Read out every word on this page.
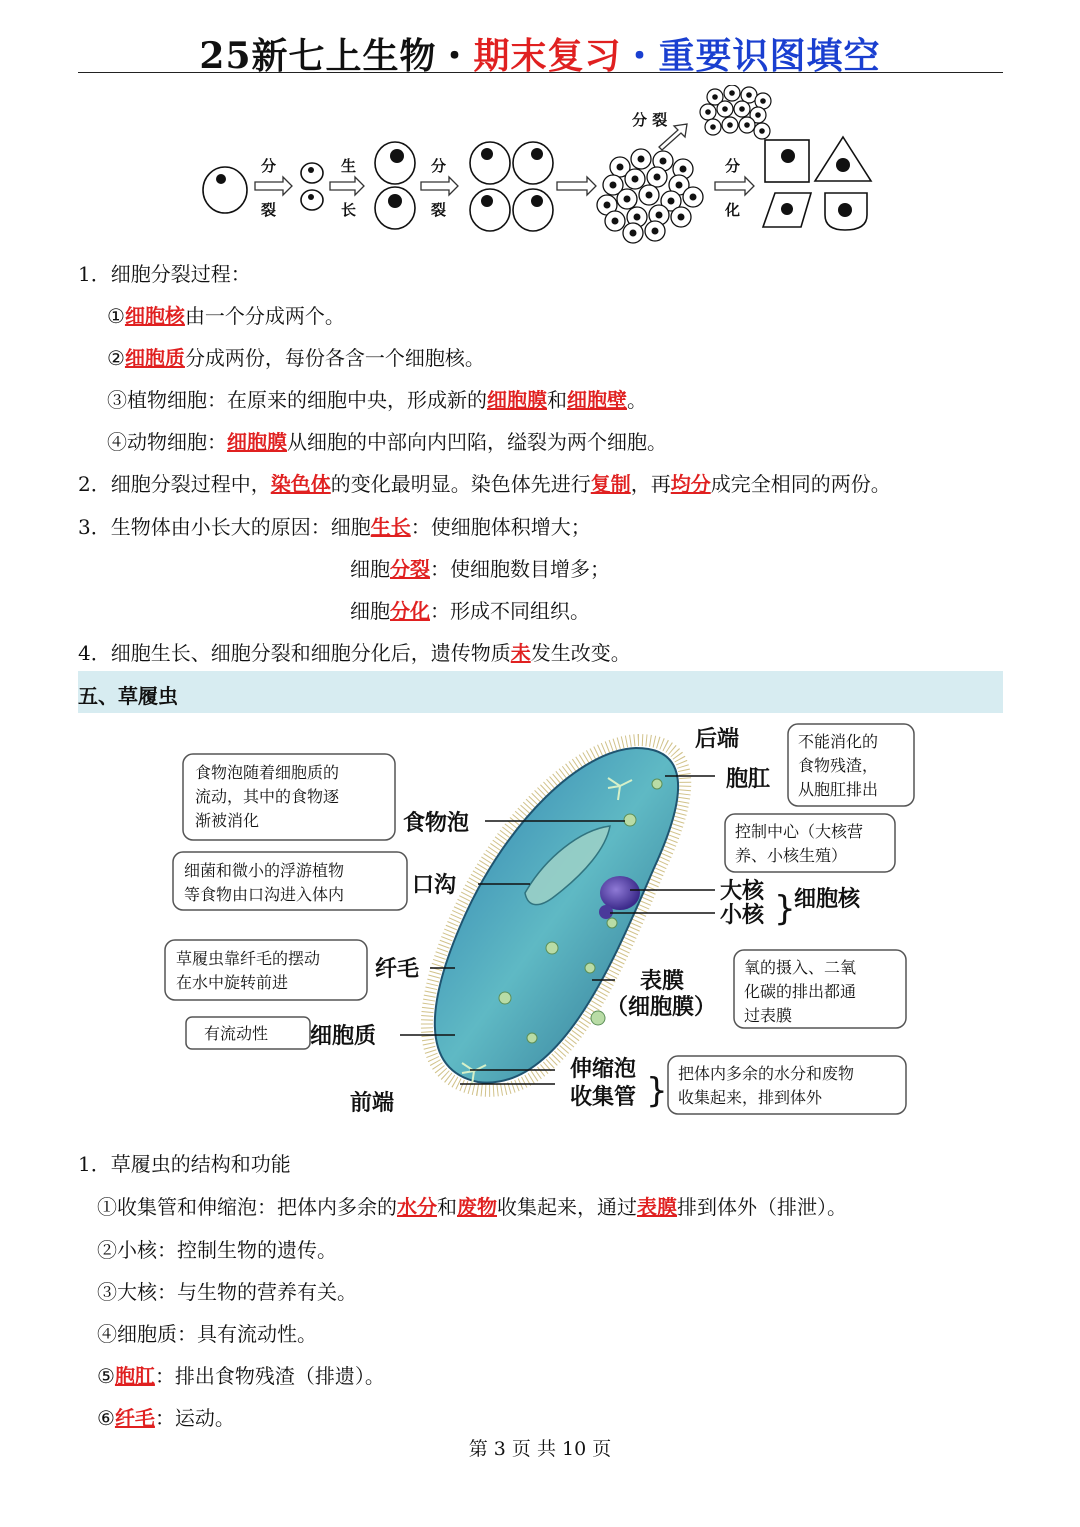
25新七上生物・期末复习・重要识图填空
分
裂
生
长
分
裂
分
化
分 裂
1．细胞分裂过程：
①细胞核由一个分成两个。
②细胞质分成两份，每份各含一个细胞核。
③植物细胞：在原来的细胞中央，形成新的细胞膜和细胞壁。
④动物细胞：细胞膜从细胞的中部向内凹陷，缢裂为两个细胞。
2．细胞分裂过程中，染色体的变化最明显。染色体先进行复制，再均分成完全相同的两份。
3．生物体由小长大的原因：细胞生长：使细胞体积增大；
细胞分裂：使细胞数目增多；
细胞分化：形成不同组织。
4．细胞生长、细胞分裂和细胞分化后，遗传物质未发生改变。
五、草履虫
后端
胞肛
食物泡
口沟	大核
小核 }
细胞核
纤毛	表膜
（细胞膜）
细胞质
伸缩泡
收集管 }
前端
食物泡随着细胞质的
流动，其中的食物逐
渐被消化
细菌和微小的浮游植物
等食物由口沟进入体内
草履虫靠纤毛的摆动
在水中旋转前进
有流动性
不能消化的
食物残渣，
从胞肛排出
控制中心（大核营
养、小核生殖）
氧的摄入、二氧
化碳的排出都通
过表膜
把体内多余的水分和废物
收集起来，排到体外
1．草履虫的结构和功能
①收集管和伸缩泡：把体内多余的水分和废物收集起来，通过表膜排到体外（排泄）。
②小核：控制生物的遗传。
③大核：与生物的营养有关。
④细胞质：具有流动性。
⑤胞肛：排出食物残渣（排遗）。
⑥纤毛：运动。
第 3 页 共 10 页
